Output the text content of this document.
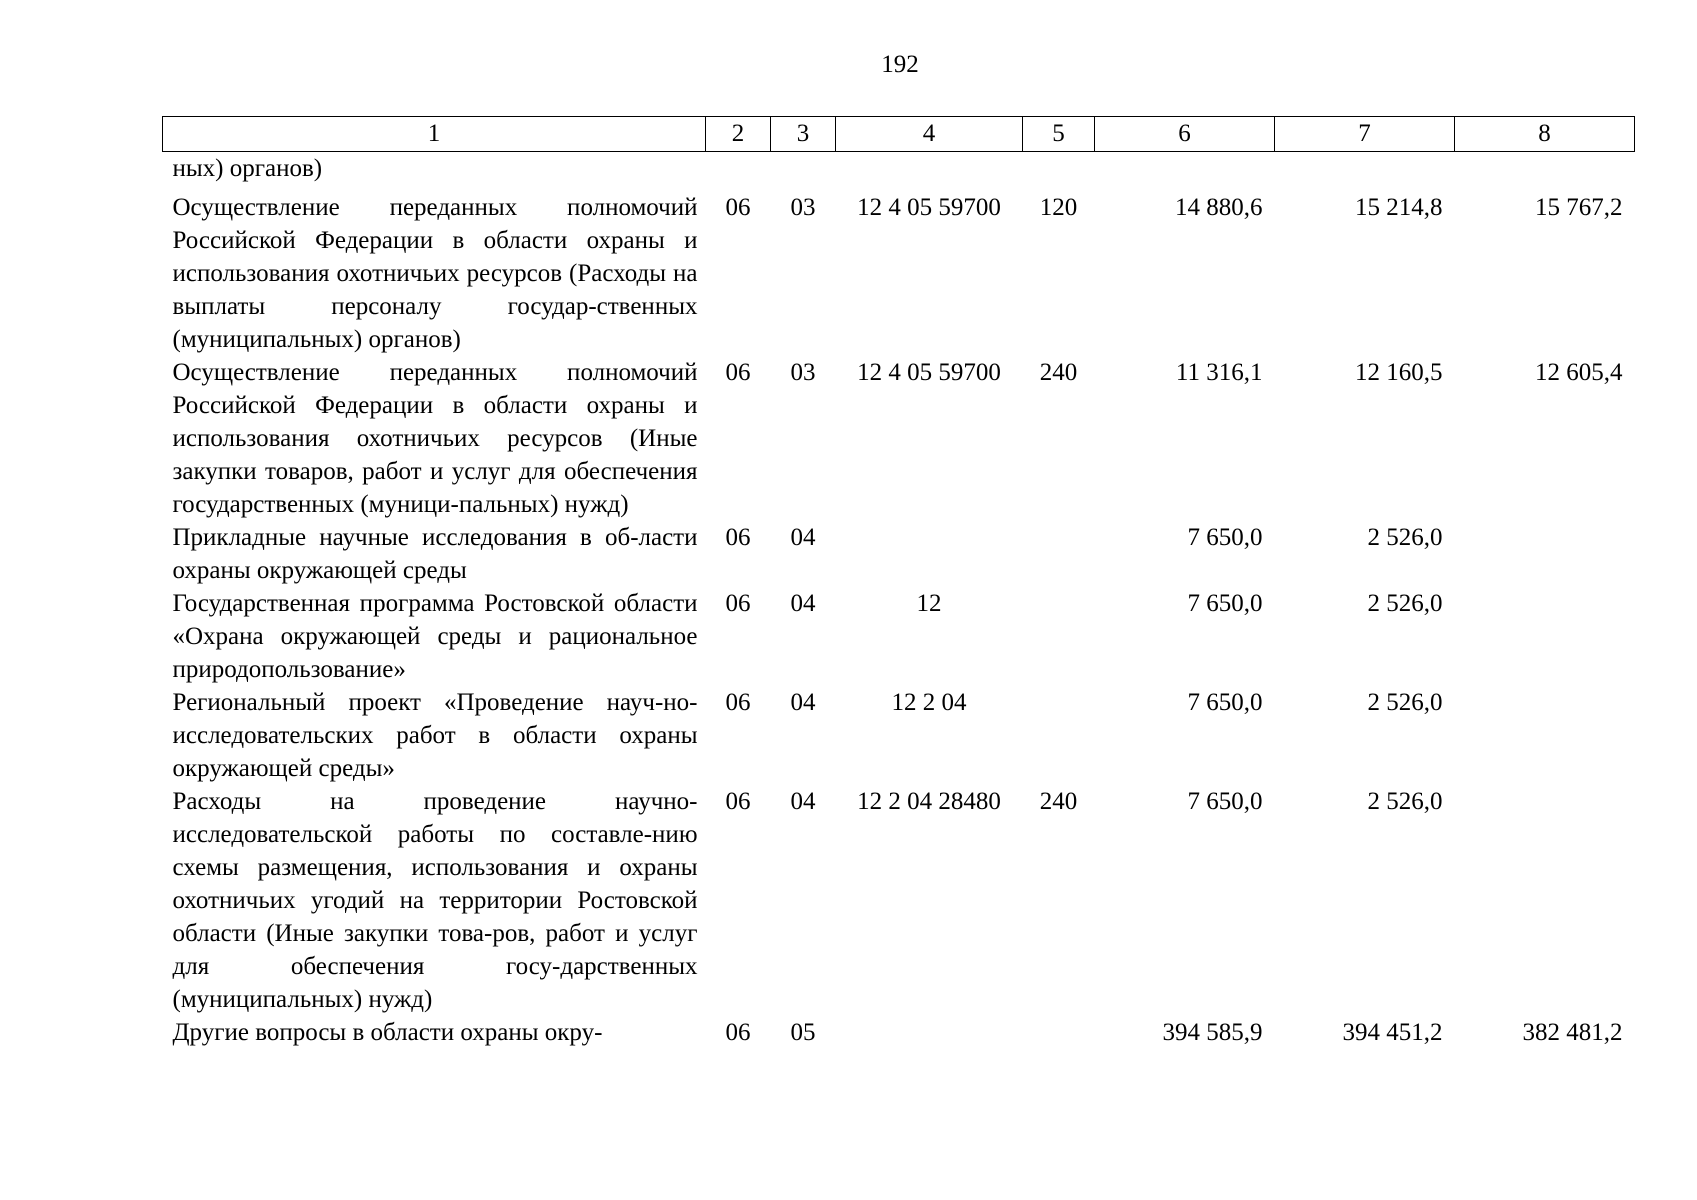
192
1	2	3	4	5	6	7	8
ных) органов)							

Осуществление переданных полномочий Российской Федерации в области охраны и использования охотничьих ресурсов (Расходы на выплаты персоналу государ-ственных (муниципальных) органов)	06	03	12 4 05 59700	120	14 880,6	15 214,8	15 767,2
Осуществление переданных полномочий Российской Федерации в области охраны и использования охотничьих ресурсов (Иные закупки товаров, работ и услуг для обеспечения государственных (муници-пальных) нужд)	06	03	12 4 05 59700	240	11 316,1	12 160,5	12 605,4
Прикладные научные исследования в об-ласти охраны окружающей среды	06	04			7 650,0	2 526,0	
Государственная программа Ростовской области «Охрана окружающей среды и рациональное природопользование»	06	04	12		7 650,0	2 526,0	
Региональный проект «Проведение науч-но-исследовательских работ в области охраны окружающей среды»	06	04	12 2 04		7 650,0	2 526,0	
Расходы на проведение научно-исследовательской работы по составле-нию схемы размещения, использования и охраны охотничьих угодий на территории Ростовской области (Иные закупки това-ров, работ и услуг для обеспечения госу-дарственных (муниципальных) нужд)	06	04	12 2 04 28480	240	7 650,0	2 526,0	
Другие вопросы в области охраны окру-	06	05			394 585,9	394 451,2	382 481,2
